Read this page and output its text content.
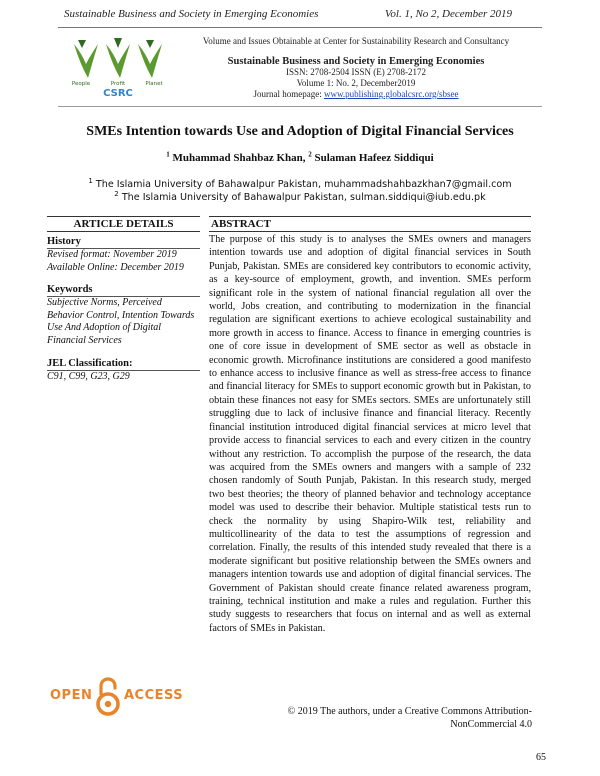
Sustainable Business and Society in Emerging Economies	Vol. 1, No 2, December 2019
People	Profit	Planet
CSRC
Volume and Issues Obtainable at Center for Sustainability Research and Consultancy
Sustainable Business and Society in Emerging Economies
ISSN: 2708-2504 ISSN (E) 2708-2172
Volume 1: No. 2, December2019
Journal homepage: www.publishing.globalcsrc.org/sbsee
SMEs Intention towards Use and Adoption of Digital Financial Services
$^1$ Muhammad Shahbaz Khan, $^2$ Sulaman Hafeez Siddiqui
$^1$ The Islamia University of Bahawalpur Pakistan, muhammadshahbazkhan7@gmail.com
$^2$ The Islamia University of Bahawalpur Pakistan, sulman.siddiqui@iub.edu.pk
ARTICLE DETAILS
History
Revised format: November 2019
Available Online: December 2019
Keywords
Subjective Norms, Perceived Behavior Control, Intention Towards Use And Adoption of Digital Financial Services
JEL Classification:
C91, C99, G23, G29
ABSTRACT
The purpose of this study is to analyses the SMEs owners and managers intention towards use and adoption of digital financial services in South Punjab, Pakistan. SMEs are considered key contributors to economic activity, as a key-source of employment, growth, and invention. SMEs perform significant role in the system of national financial regulation all over the world, Jobs creation, and contributing to modernization in the financial regulation are significant exertions to achieve ecological sustainability and more growth in access to finance. Access to finance in emerging countries is one of core issue in development of SME sector as well as obstacle in economic growth. Microfinance institutions are considered a good manifesto to enhance access to inclusive finance as well as stress-free access to finance and financial literacy for SMEs to support economic growth but in Pakistan, to obtain these finances not easy for SMEs sectors. SMEs are unfortunately still struggling due to lack of inclusive finance and financial literacy. Recently financial institution introduced digital financial services at micro level that provide access to financial services to each and every citizen in the country without any restriction. To accomplish the purpose of the research, the data was acquired from the SMEs owners and mangers with a sample of 232 chosen randomly of South Punjab, Pakistan. In this research study, merged two best theories; the theory of planned behavior and technology acceptance model was used to describe their behavior. Multiple statistical tests run to check the normality by using Shapiro-Wilk test, reliability and multicollinearity of the data to test the assumptions of regression and correlation. Finally, the results of this intended study revealed that there is a moderate significant but positive relationship between the SMEs owners and managers intention towards use and adoption of digital financial services. The Government of Pakistan should create finance related awareness program, training, technical institution and make a rules and regulation. Further this study suggests to researchers that focus on internal and as well as external factors of SMEs in Pakistan.
OPEN ACCESS
© 2019 The authors, under a Creative Commons Attribution-
NonCommercial 4.0
65
